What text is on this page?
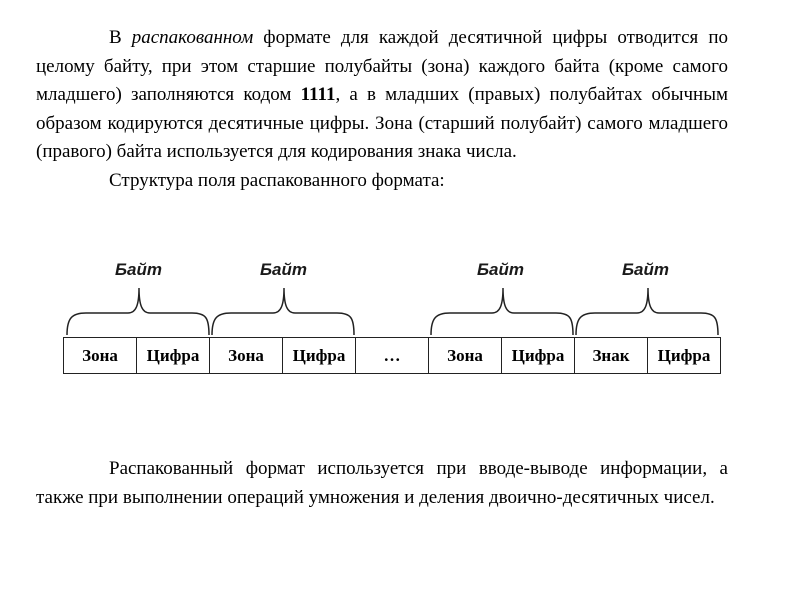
В распакованном формате для каждой десятичной цифры отводится по целому байту, при этом старшие полубайты (зона) каждого байта (кроме самого младшего) заполняются кодом 1111, а в младших (правых) полубайтах обычным образом кодируются десятичные цифры. Зона (старший полубайт) самого младшего (правого) байта используется для кодирования знака числа.

Структура поля распакованного формата:

Байт	Байт	Байт	Байт
Зона	Цифра	Зона	Цифра	…	Зона	Цифра	Знак	Цифра

Распакованный формат используется при вводе-выводе информации, а также при выполнении операций умножения и деления двоично-десятичных чисел.
